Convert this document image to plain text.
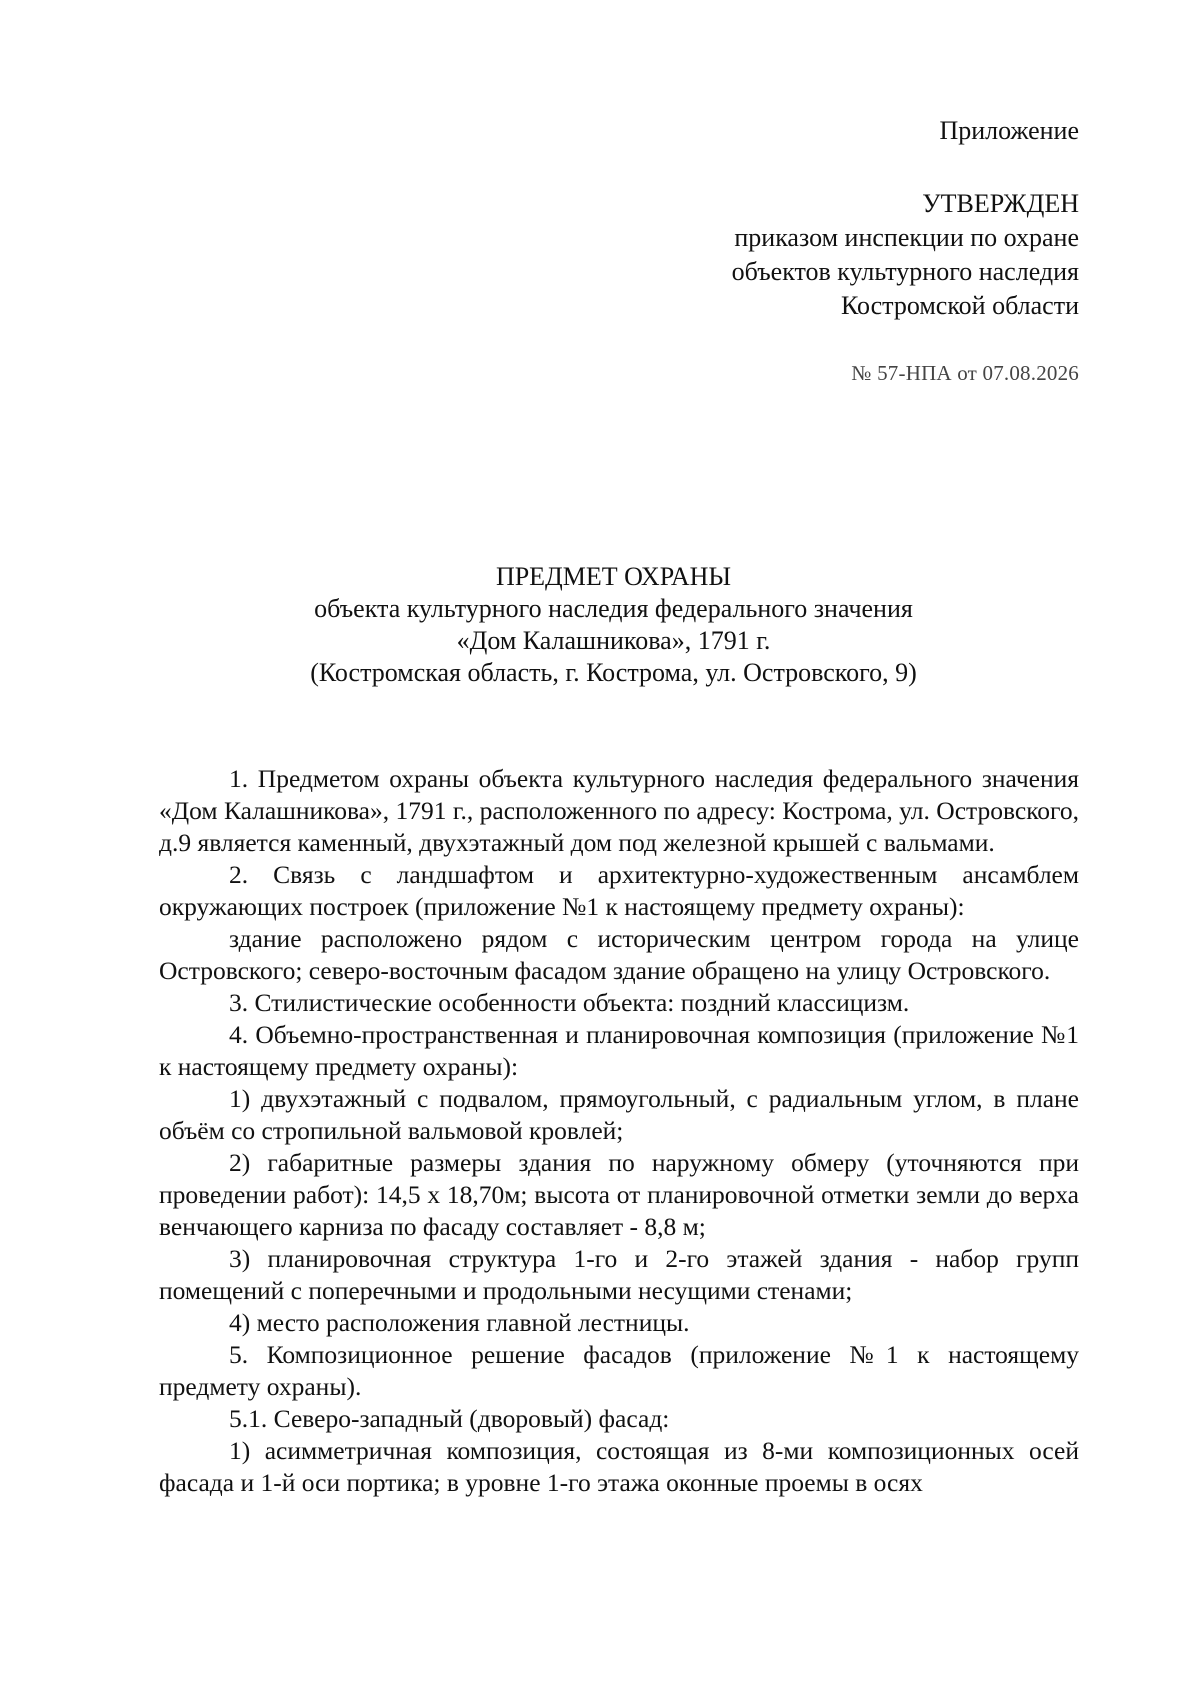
Приложение
УТВЕРЖДЕН
приказом инспекции по охране
объектов культурного наследия
Костромской области
№ 57-НПА от 07.08.2026
ПРЕДМЕТ ОХРАНЫ
объекта культурного наследия федерального значения
«Дом Калашникова», 1791 г.
(Костромская область, г. Кострома, ул. Островского, 9)

1. Предметом охраны объекта культурного наследия федерального значения «Дом Калашникова», 1791 г., расположенного по адресу: Кострома, ул. Островского, д.9 является каменный, двухэтажный дом под железной крышей с вальмами.

2. Связь с ландшафтом и архитектурно-художественным ансамблем окружающих построек (приложение №1 к настоящему предмету охраны):

здание расположено рядом с историческим центром города на улице Островского; северо-восточным фасадом здание обращено на улицу Островского.

3. Стилистические особенности объекта: поздний классицизм.

4. Объемно-пространственная и планировочная композиция (приложение №1 к настоящему предмету охраны):

1) двухэтажный с подвалом, прямоугольный, с радиальным углом, в плане объём со стропильной вальмовой кровлей;

2) габаритные размеры здания по наружному обмеру (уточняются при проведении работ): 14,5 х 18,70м; высота от планировочной отметки земли до верха венчающего карниза по фасаду составляет - 8,8 м;

3) планировочная структура 1-го и 2-го этажей здания - набор групп помещений с поперечными и продольными несущими стенами;

4) место расположения главной лестницы.

5. Композиционное решение фасадов (приложение №1 к настоящему предмету охраны).

5.1. Северо-западный (дворовый) фасад:

1) асимметричная композиция, состоящая из 8-ми композиционных осей фасада и 1-й оси портика; в уровне 1-го этажа оконные проемы в осях
